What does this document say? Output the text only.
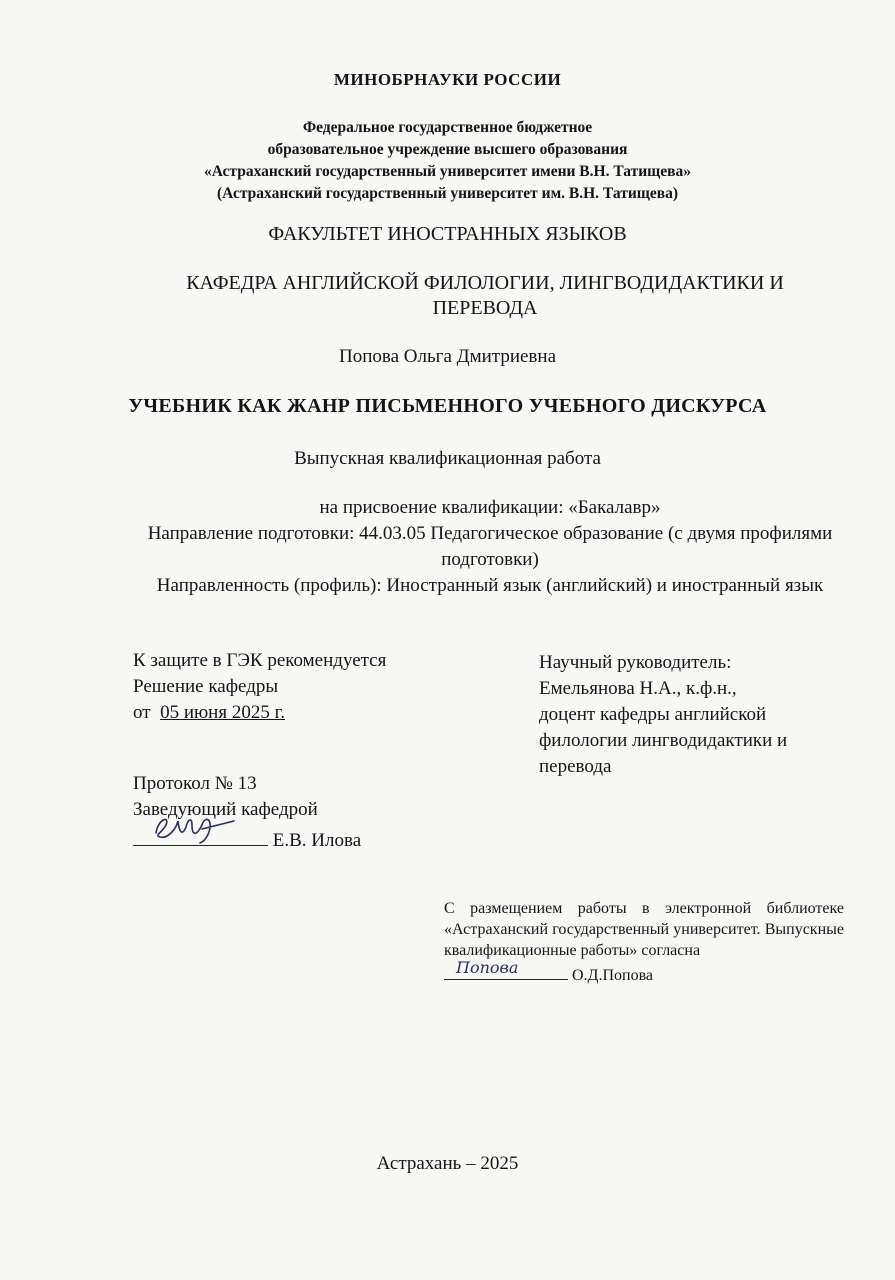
МИНОБРНАУКИ РОССИИ
Федеральное государственное бюджетное
образовательное учреждение высшего образования
«Астраханский государственный университет имени В.Н. Татищева»
(Астраханский государственный университет им. В.Н. Татищева)
ФАКУЛЬТЕТ ИНОСТРАННЫХ ЯЗЫКОВ
КАФЕДРА АНГЛИЙСКОЙ ФИЛОЛОГИИ, ЛИНГВОДИДАКТИКИ И ПЕРЕВОДА
Попова Ольга Дмитриевна
УЧЕБНИК КАК ЖАНР ПИСЬМЕННОГО УЧЕБНОГО ДИСКУРСА
Выпускная квалификационная работа
на присвоение квалификации: «Бакалавр»
Направление подготовки: 44.03.05 Педагогическое образование (с двумя профилями подготовки)
Направленность (профиль): Иностранный язык (английский) и иностранный язык
К защите в ГЭК рекомендуется
Решение кафедры
от 05 июня 2025 г.
Научный руководитель:
Емельянова Н.А., к.ф.н.,
доцент кафедры английской филологии лингводидактики и перевода
Протокол № 13
Заведующий кафедрой
Е.В. Илова
С размещением работы в электронной библиотеке «Астраханский государственный университет. Выпускные квалификационные работы» согласна
Попова	О.Д.Попова
Астрахань – 2025
